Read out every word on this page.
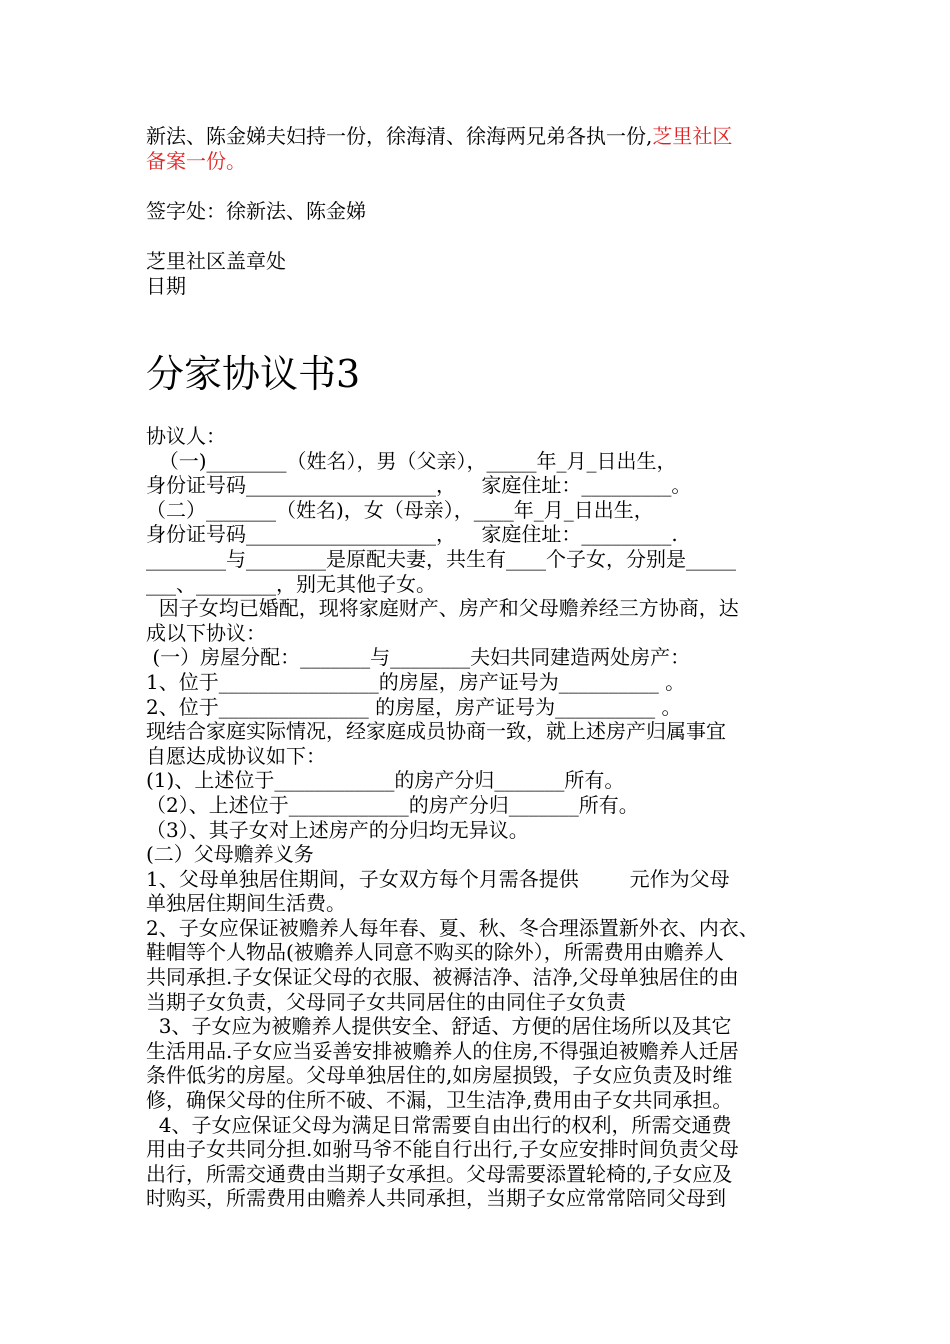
新法、陈金娣夫妇持一份，徐海清、徐海两兄弟各执一份,芝里社区
备案一份。
签字处：徐新法、陈金娣
芝里社区盖章处
日期
分家协议书3
协议人：
（一)________（姓名），男（父亲），_____年_月_日出生，
身份证号码___________________，    家庭住址：_________。
（二）_______（姓名)，女（母亲），____年_月_日出生，
身份证号码___________________，    家庭住址：_________.
________与________是原配夫妻，共生有____个子女，分别是_____
___、________，别无其他子女。
因子女均已婚配，现将家庭财产、房产和父母赡养经三方协商，达
成以下协议：
(一）房屋分配：_______与________夫妇共同建造两处房产：
1、位于________________的房屋，房产证号为__________ 。
2、位于_______________ 的房屋，房产证号为__________ 。
现结合家庭实际情况，经家庭成员协商一致，就上述房产归属事宜
自愿达成协议如下：
(1)、上述位于____________的房产分归_______所有。
（2）、上述位于____________的房产分归_______所有。
（3）、其子女对上述房产的分归均无异议。
(二）父母赡养义务
1、父母单独居住期间，子女双方每个月需各提供        元作为父母
单独居住期间生活费。
2、子女应保证被赡养人每年春、夏、秋、冬合理添置新外衣、内衣、
鞋帽等个人物品(被赡养人同意不购买的除外），所需费用由赡养人
共同承担.子女保证父母的衣服、被褥洁净、洁净,父母单独居住的由
当期子女负责，父母同子女共同居住的由同住子女负责
3、子女应为被赡养人提供安全、舒适、方便的居住场所以及其它
生活用品.子女应当妥善安排被赡养人的住房,不得强迫被赡养人迁居
条件低劣的房屋。父母单独居住的,如房屋损毁，子女应负责及时维
修，确保父母的住所不破、不漏，卫生洁净,费用由子女共同承担。
4、子女应保证父母为满足日常需要自由出行的权利，所需交通费
用由子女共同分担.如驸马爷不能自行出行,子女应安排时间负责父母
出行，所需交通费由当期子女承担。父母需要添置轮椅的,子女应及
时购买，所需费用由赡养人共同承担，当期子女应常常陪同父母到
